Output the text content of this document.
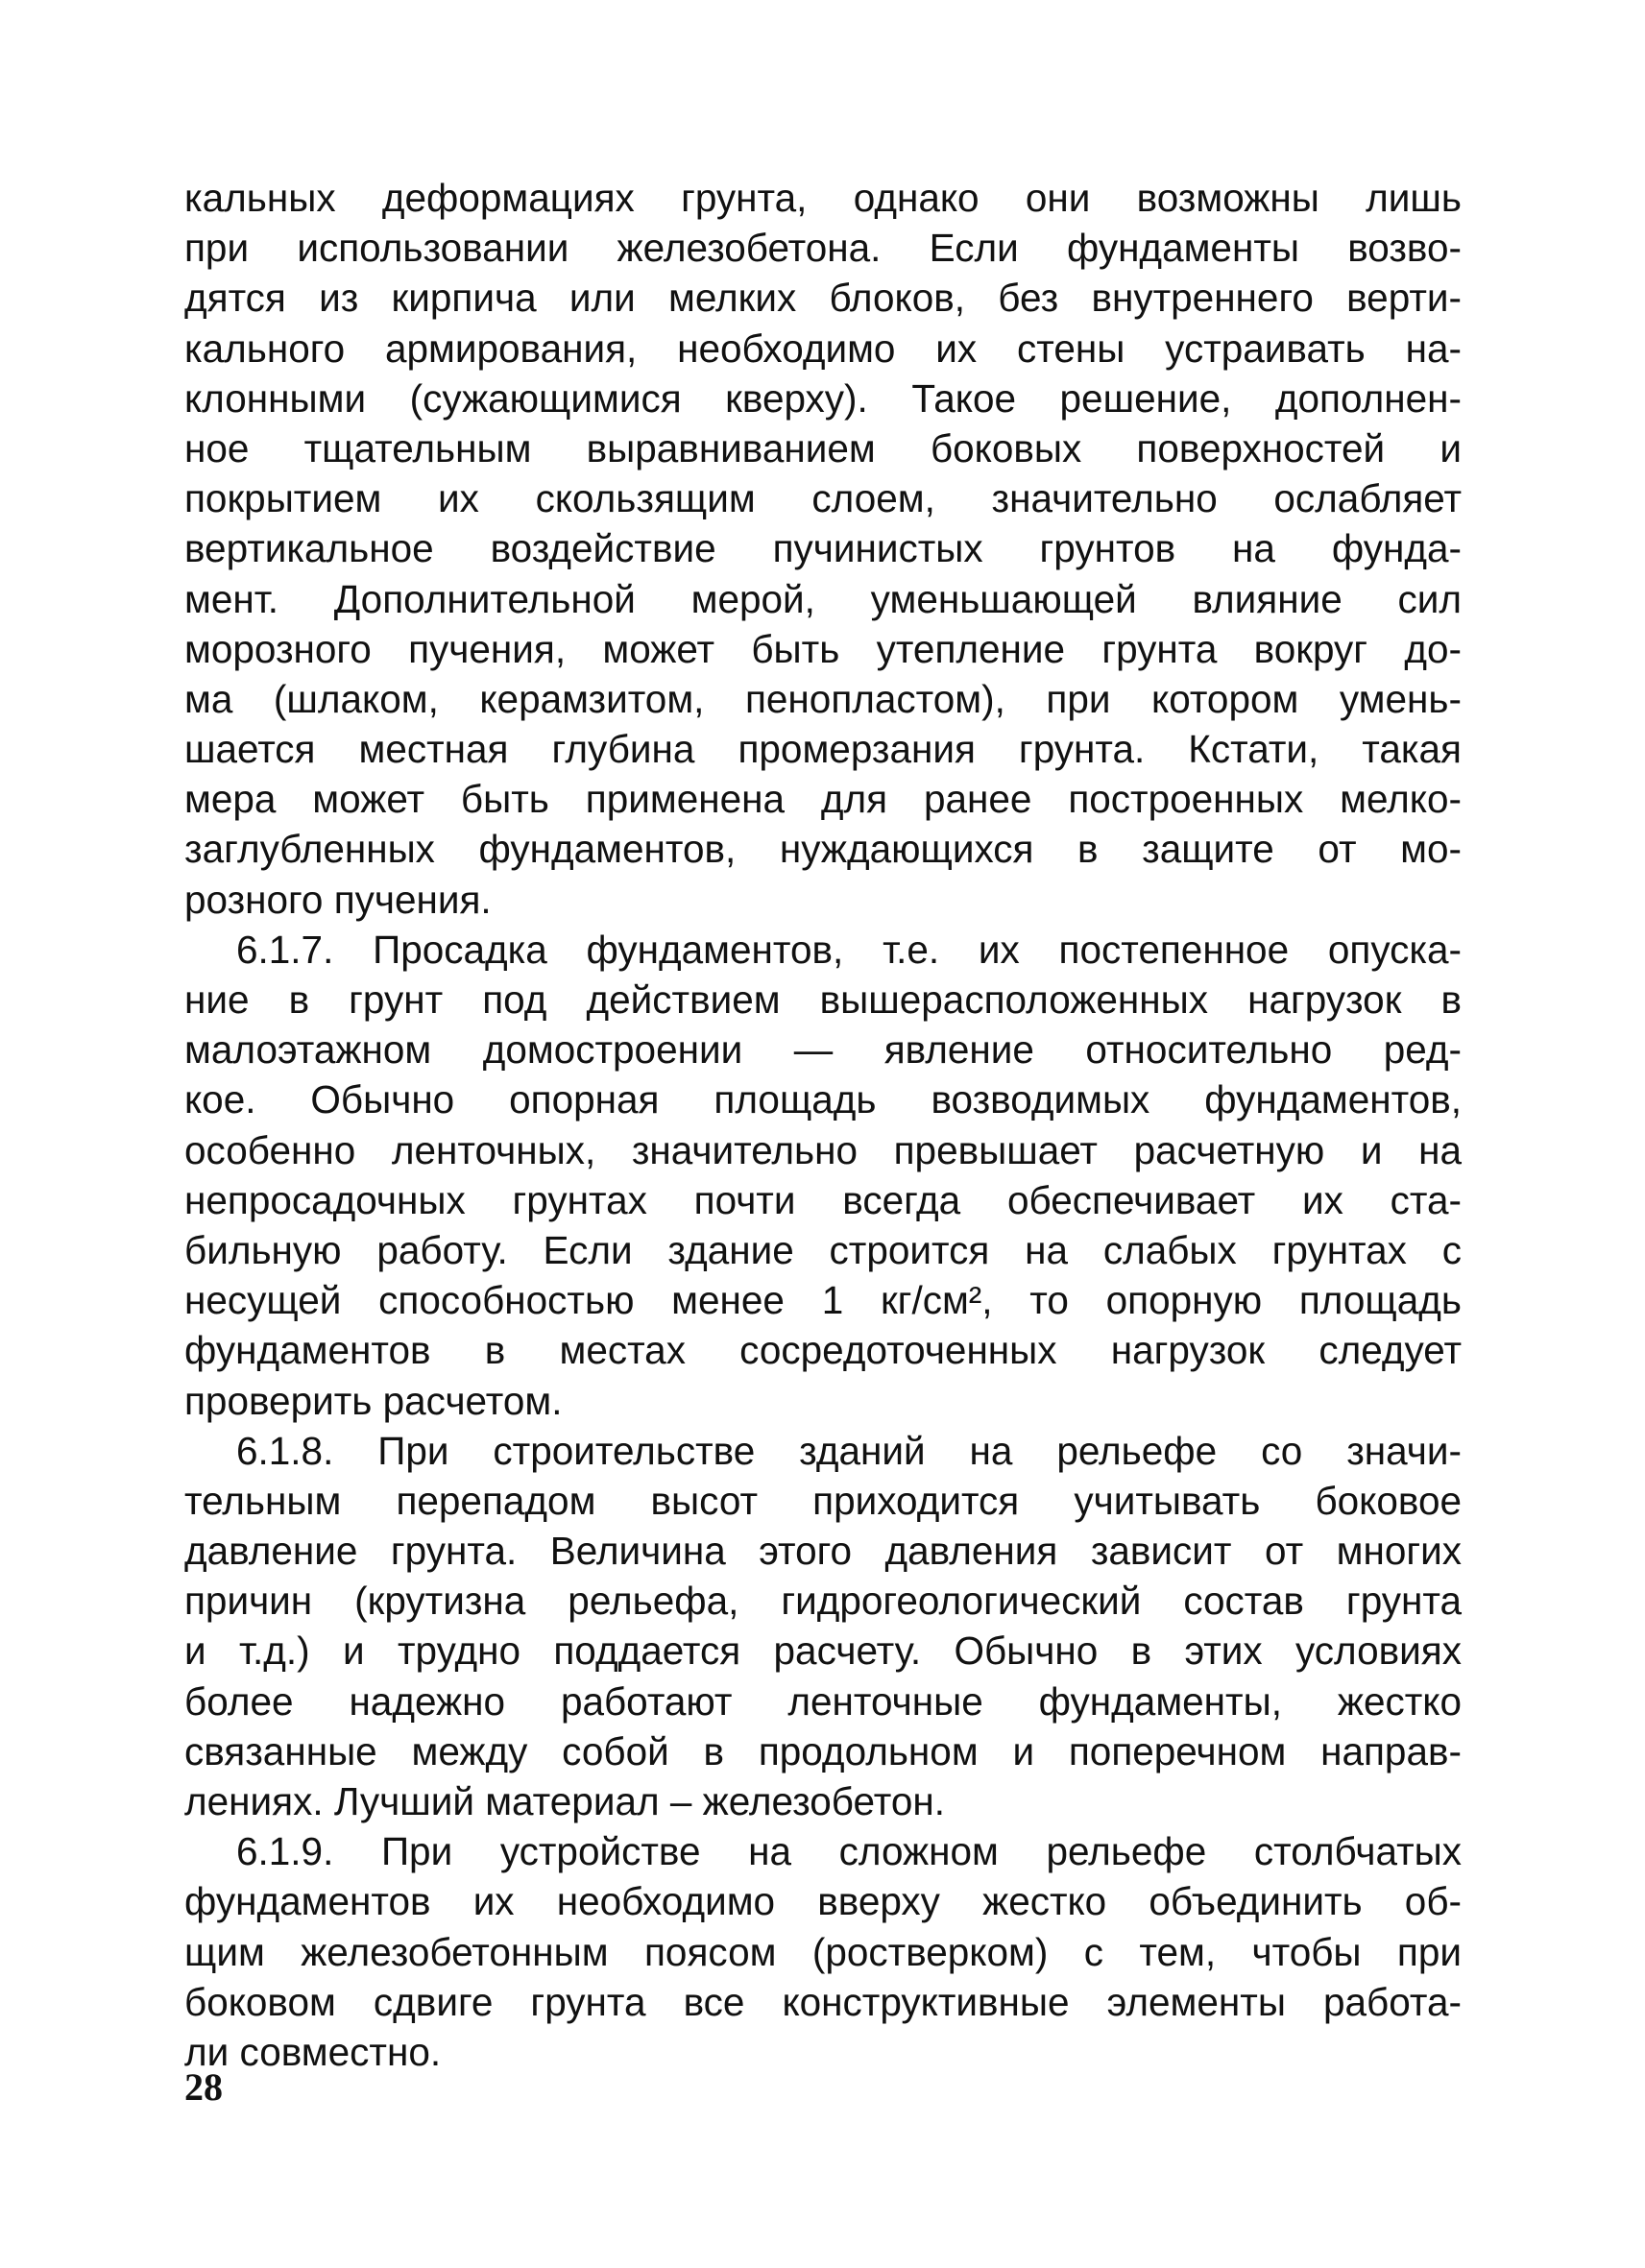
кальных деформациях грунта, однако они возможны лишь
при использовании железобетона. Если фундаменты возво-
дятся из кирпича или мелких блоков, без внутреннего верти-
кального армирования, необходимо их стены устраивать на-
клонными (сужающимися кверху). Такое решение, дополнен-
ное тщательным выравниванием боковых поверхностей и
покрытием их скользящим слоем, значительно ослабляет
вертикальное воздействие пучинистых грунтов на фунда-
мент. Дополнительной мерой, уменьшающей влияние сил
морозного пучения, может быть утепление грунта вокруг до-
ма (шлаком, керамзитом, пенопластом), при котором умень-
шается местная глубина промерзания грунта. Кстати, такая
мера может быть применена для ранее построенных мелко-
заглубленных фундаментов, нуждающихся в защите от мо-
розного пучения.
6.1.7. Просадка фундаментов, т.е. их постепенное опуска-
ние в грунт под действием вышерасположенных нагрузок в
малоэтажном домостроении — явление относительно ред-
кое. Обычно опорная площадь возводимых фундаментов,
особенно ленточных, значительно превышает расчетную и на
непросадочных грунтах почти всегда обеспечивает их ста-
бильную работу. Если здание строится на слабых грунтах с
несущей способностью менее 1 кг/см², то опорную площадь
фундаментов в местах сосредоточенных нагрузок следует
проверить расчетом.
6.1.8. При строительстве зданий на рельефе со значи-
тельным перепадом высот приходится учитывать боковое
давление грунта. Величина этого давления зависит от многих
причин (крутизна рельефа, гидрогеологический состав грунта
и т.д.) и трудно поддается расчету. Обычно в этих условиях
более надежно работают ленточные фундаменты, жестко
связанные между собой в продольном и поперечном направ-
лениях. Лучший материал – железобетон.
6.1.9. При устройстве на сложном рельефе столбчатых
фундаментов их необходимо вверху жестко объединить об-
щим железобетонным поясом (ростверком) с тем, чтобы при
боковом сдвиге грунта все конструктивные элементы работа-
ли совместно.
28
